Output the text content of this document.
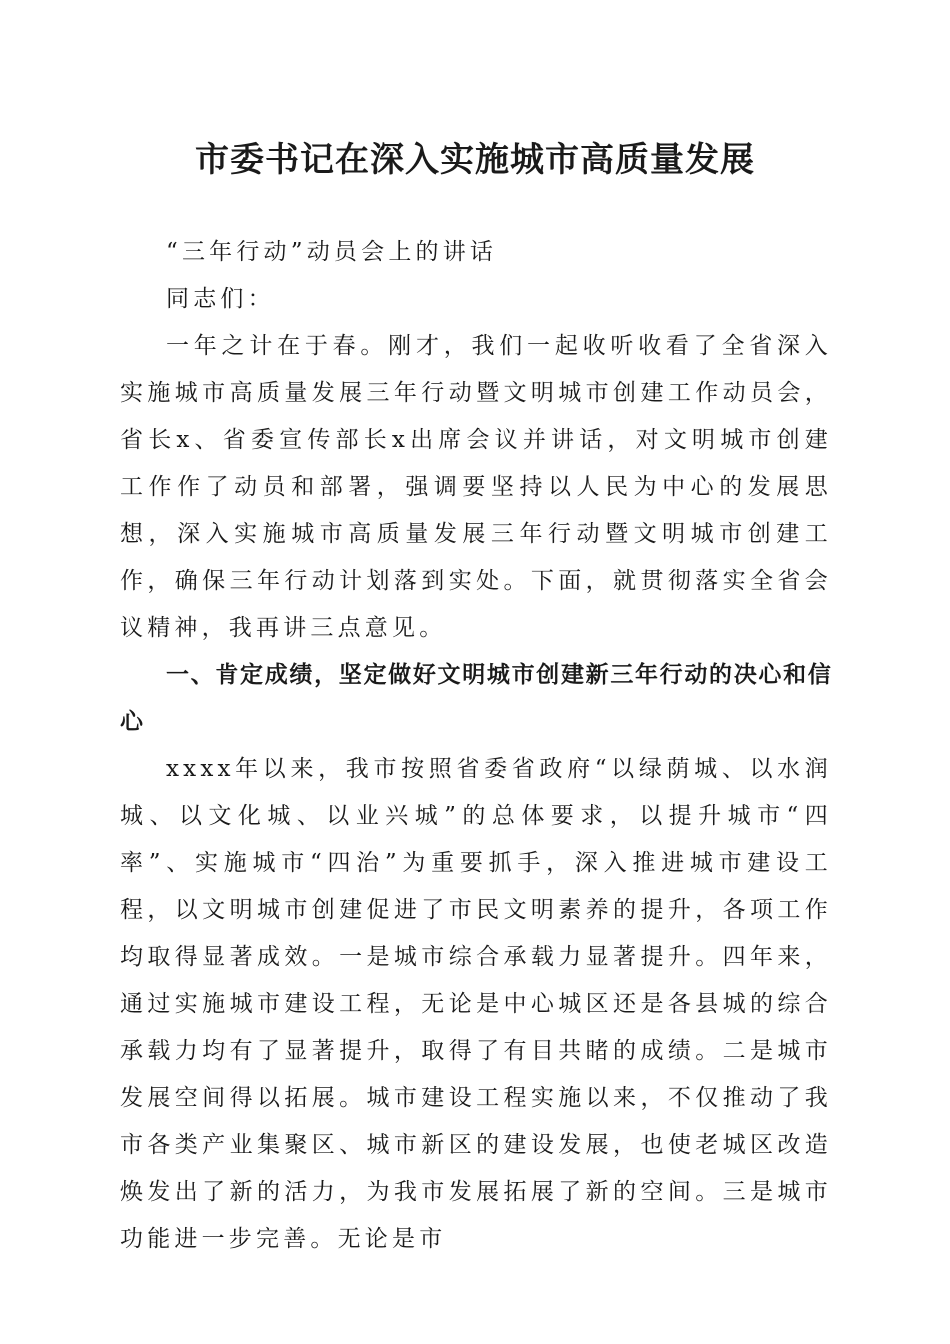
市委书记在深入实施城市高质量发展

“三年行动”动员会上的讲话

同志们：

一年之计在于春。刚才，我们一起收听收看了全省深入实施城市高质量发展三年行动暨文明城市创建工作动员会，省长x、省委宣传部长x出席会议并讲话，对文明城市创建工作作了动员和部署，强调要坚持以人民为中心的发展思想，深入实施城市高质量发展三年行动暨文明城市创建工作，确保三年行动计划落到实处。下面，就贯彻落实全省会议精神，我再讲三点意见。

一、肯定成绩，坚定做好文明城市创建新三年行动的决心和信心

xxxx年以来，我市按照省委省政府“以绿荫城、以水润城、以文化城、以业兴城”的总体要求，以提升城市“四率”、实施城市“四治”为重要抓手，深入推进城市建设工程，以文明城市创建促进了市民文明素养的提升，各项工作均取得显著成效。一是城市综合承载力显著提升。四年来，通过实施城市建设工程，无论是中心城区还是各县城的综合承载力均有了显著提升，取得了有目共睹的成绩。二是城市发展空间得以拓展。城市建设工程实施以来，不仅推动了我市各类产业集聚区、城市新区的建设发展，也使老城区改造焕发出了新的活力，为我市发展拓展了新的空间。三是城市功能进一步完善。无论是市
